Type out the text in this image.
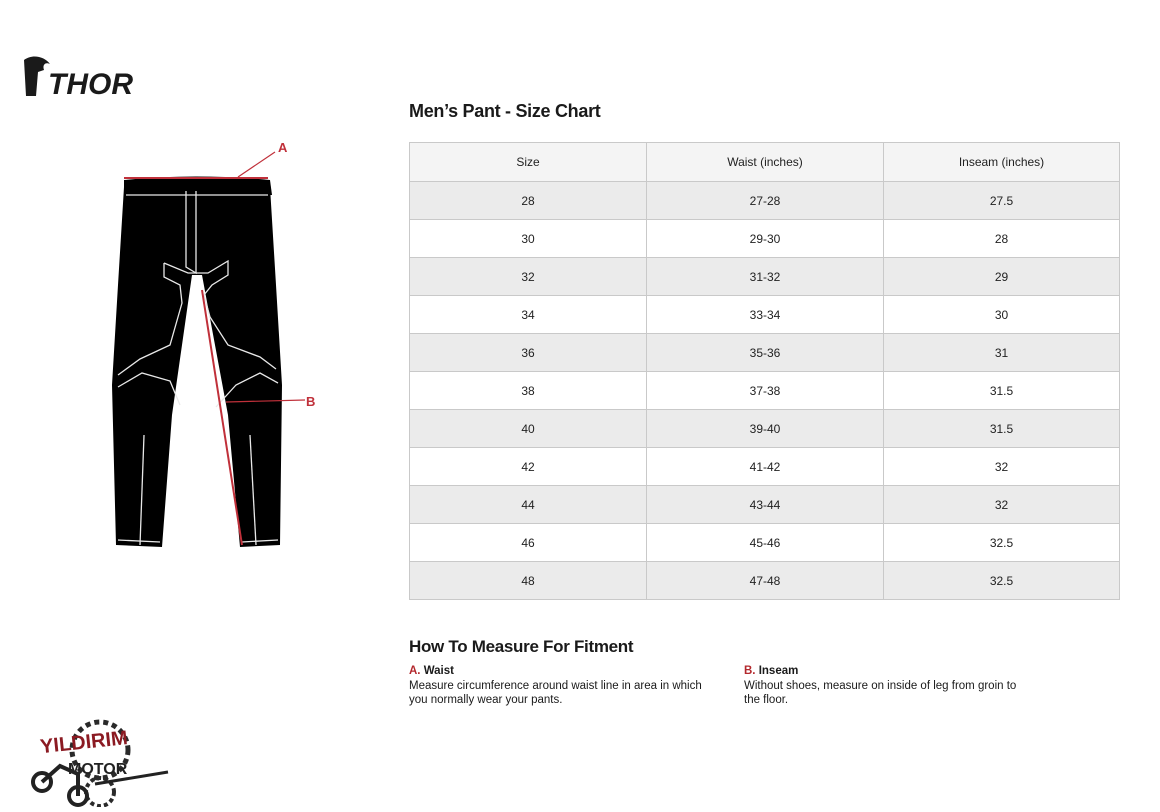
THOR
A
B
Men’s Pant - Size Chart
Size	Waist (inches)	Inseam (inches)
28	27-28	27.5
30	29-30	28
32	31-32	29
34	33-34	30
36	35-36	31
38	37-38	31.5
40	39-40	31.5
42	41-42	32
44	43-44	32
46	45-46	32.5
48	47-48	32.5
How To Measure For Fitment
A. Waist
Measure circumference around waist line in area in which
you normally wear your pants.
B. Inseam
Without shoes, measure on inside of leg from groin to
the floor.
YILDIRIM
MOTOR
